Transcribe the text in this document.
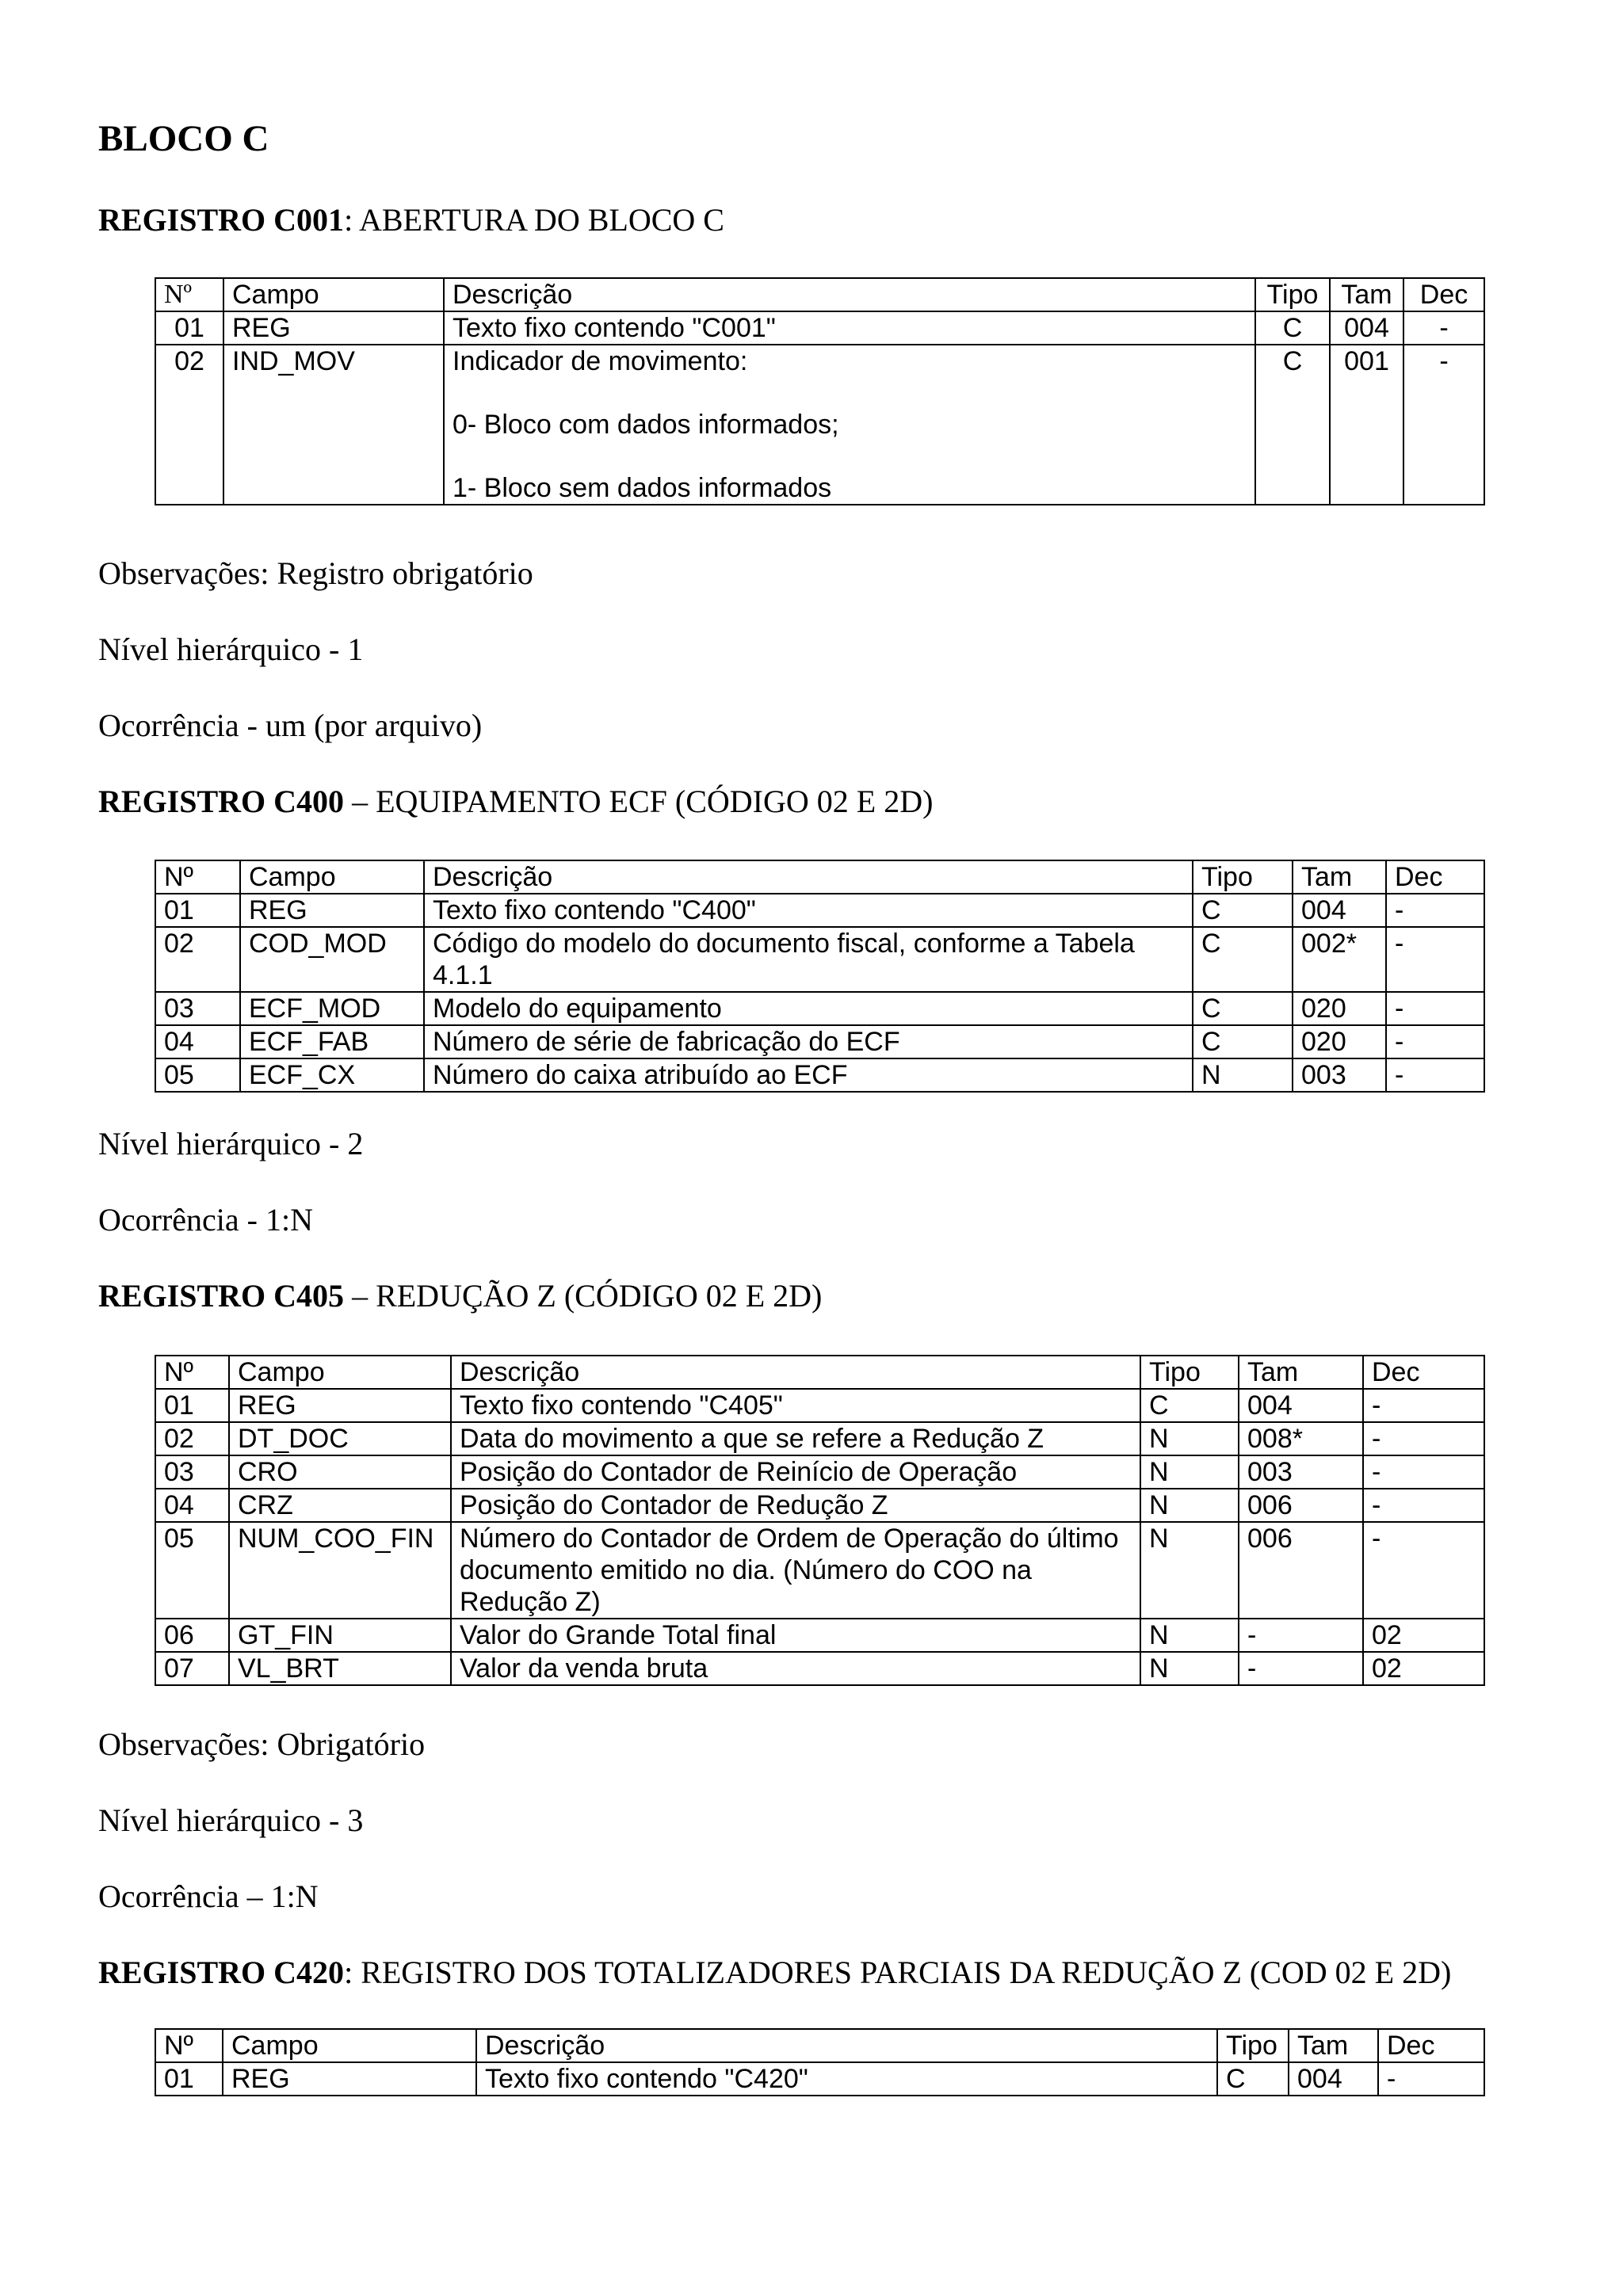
BLOCO C
REGISTRO C001: ABERTURA DO BLOCO C
Nº	Campo	Descrição	Tipo	Tam	Dec
01	REG	Texto fixo contendo "C001"	C	004	-
02	IND_MOV	Indicador de movimento:
0- Bloco com dados informados;
1- Bloco sem dados informados	C	001	-

Observações: Registro obrigatório

Nível hierárquico - 1

Ocorrência - um (por arquivo)

REGISTRO C400 – EQUIPAMENTO ECF (CÓDIGO 02 E 2D)
Nº	Campo	Descrição	Tipo	Tam	Dec
01	REG	Texto fixo contendo "C400"	C	004	-
02	COD_MOD	Código do modelo do documento fiscal, conforme a Tabela 4.1.1	C	002*	-
03	ECF_MOD	Modelo do equipamento	C	020	-
04	ECF_FAB	Número de série de fabricação do ECF	C	020	-
05	ECF_CX	Número do caixa atribuído ao ECF	N	003	-

Nível hierárquico - 2

Ocorrência - 1:N

REGISTRO C405 – REDUÇÃO Z (CÓDIGO 02 E 2D)
Nº	Campo	Descrição	Tipo	Tam	Dec
01	REG	Texto fixo contendo "C405"	C	004	-
02	DT_DOC	Data do movimento a que se refere a Redução Z	N	008*	-
03	CRO	Posição do Contador de Reinício de Operação	N	003	-
04	CRZ	Posição do Contador de Redução Z	N	006	-
05	NUM_COO_FIN	Número do Contador de Ordem de Operação do último documento emitido no dia. (Número do COO na Redução Z)	N	006	-
06	GT_FIN	Valor do Grande Total final	N	-	02
07	VL_BRT	Valor da venda bruta	N	-	02

Observações: Obrigatório

Nível hierárquico - 3

Ocorrência – 1:N

REGISTRO C420: REGISTRO DOS TOTALIZADORES PARCIAIS DA REDUÇÃO Z (COD 02 E 2D)
Nº	Campo	Descrição	Tipo	Tam	Dec
01	REG	Texto fixo contendo "C420"	C	004	-
